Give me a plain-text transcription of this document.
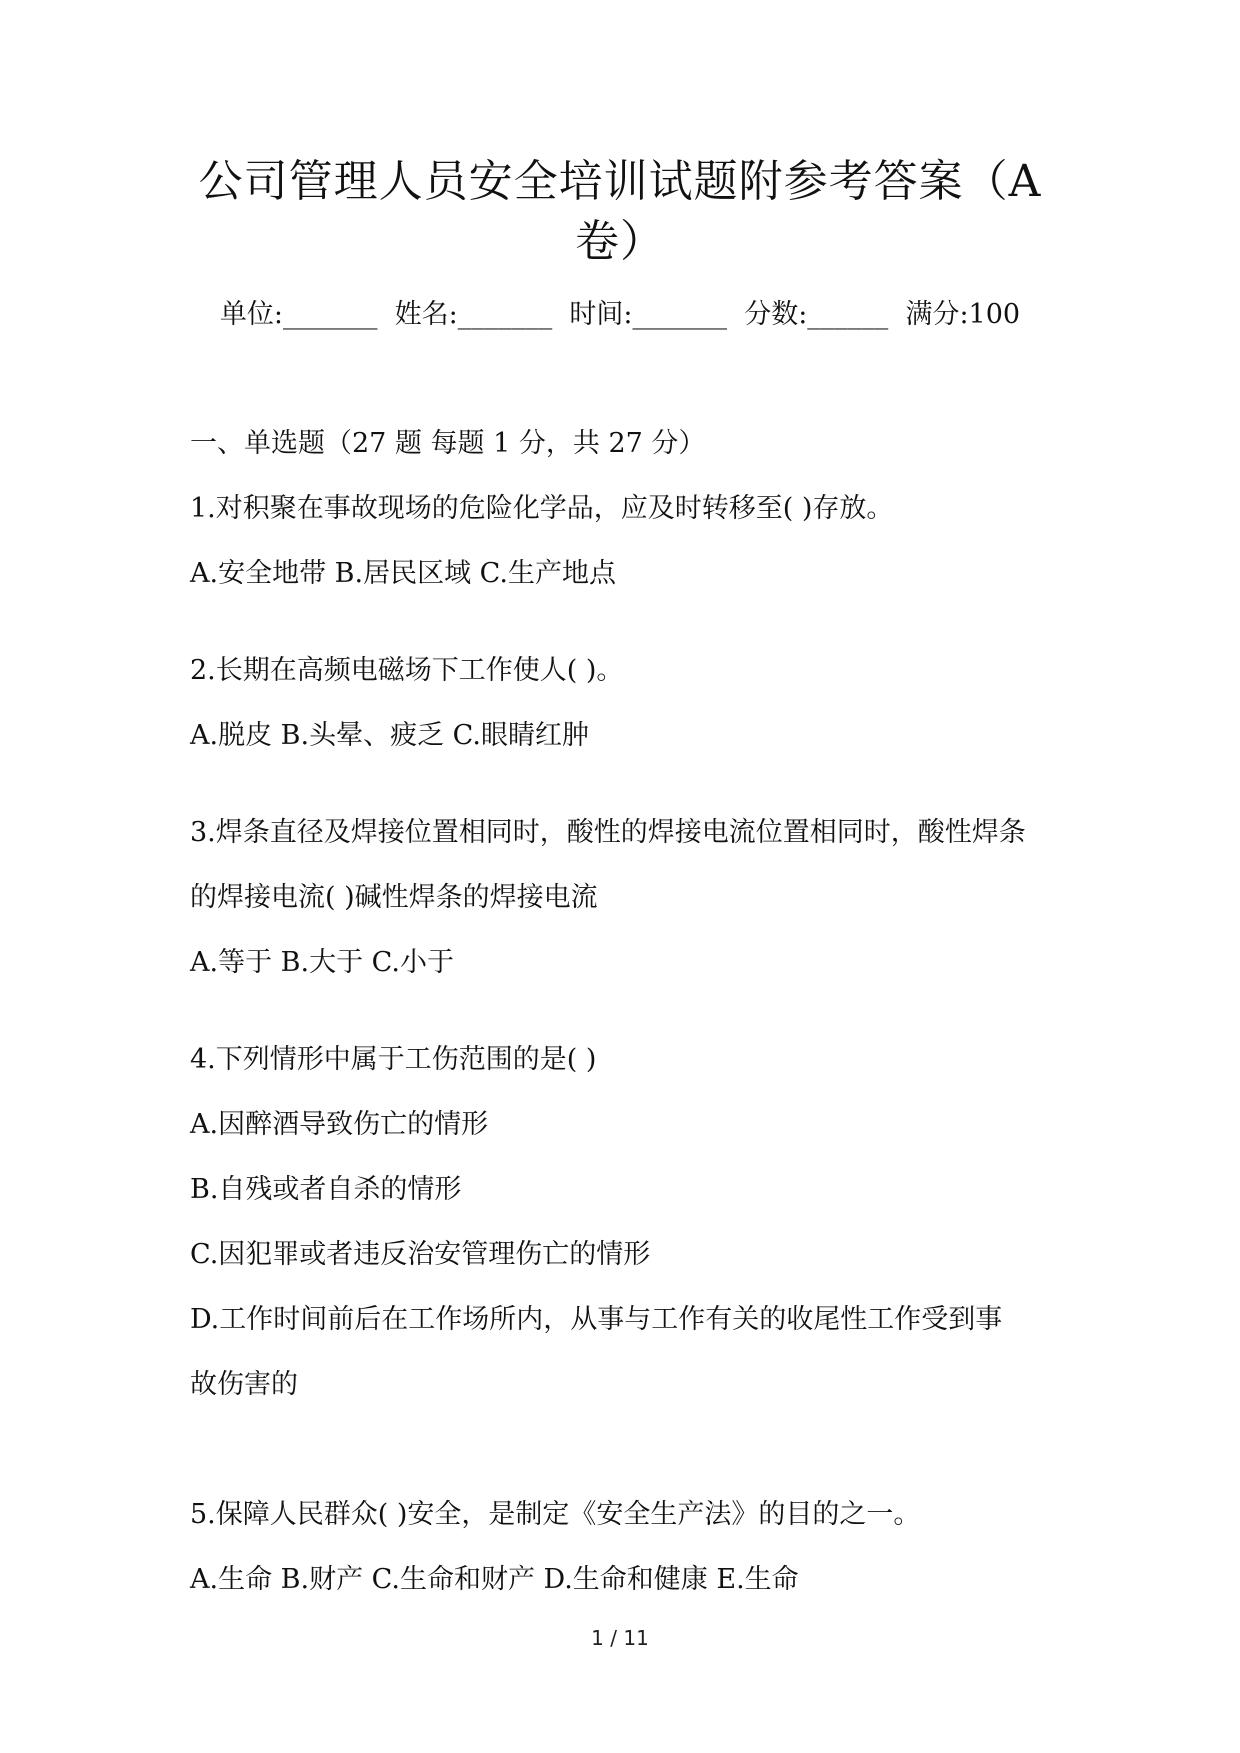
公司管理人员安全培训试题附参考答案（A
卷）
单位:_______  姓名:_______  时间:_______  分数:______  满分:100
一、单选题（27 题 每题 1 分，共 27 分）
1.对积聚在事故现场的危险化学品，应及时转移至( )存放。
A.安全地带 B.居民区域 C.生产地点
2.长期在高频电磁场下工作使人( )。
A.脱皮 B.头晕、疲乏 C.眼睛红肿
3.焊条直径及焊接位置相同时，酸性的焊接电流位置相同时，酸性焊条
的焊接电流( )碱性焊条的焊接电流
A.等于 B.大于 C.小于
4.下列情形中属于工伤范围的是( )
A.因醉酒导致伤亡的情形
B.自残或者自杀的情形
C.因犯罪或者违反治安管理伤亡的情形
D.工作时间前后在工作场所内，从事与工作有关的收尾性工作受到事
故伤害的
5.保障人民群众( )安全，是制定《安全生产法》的目的之一。
A.生命 B.财产 C.生命和财产 D.生命和健康 E.生命
1 / 11
